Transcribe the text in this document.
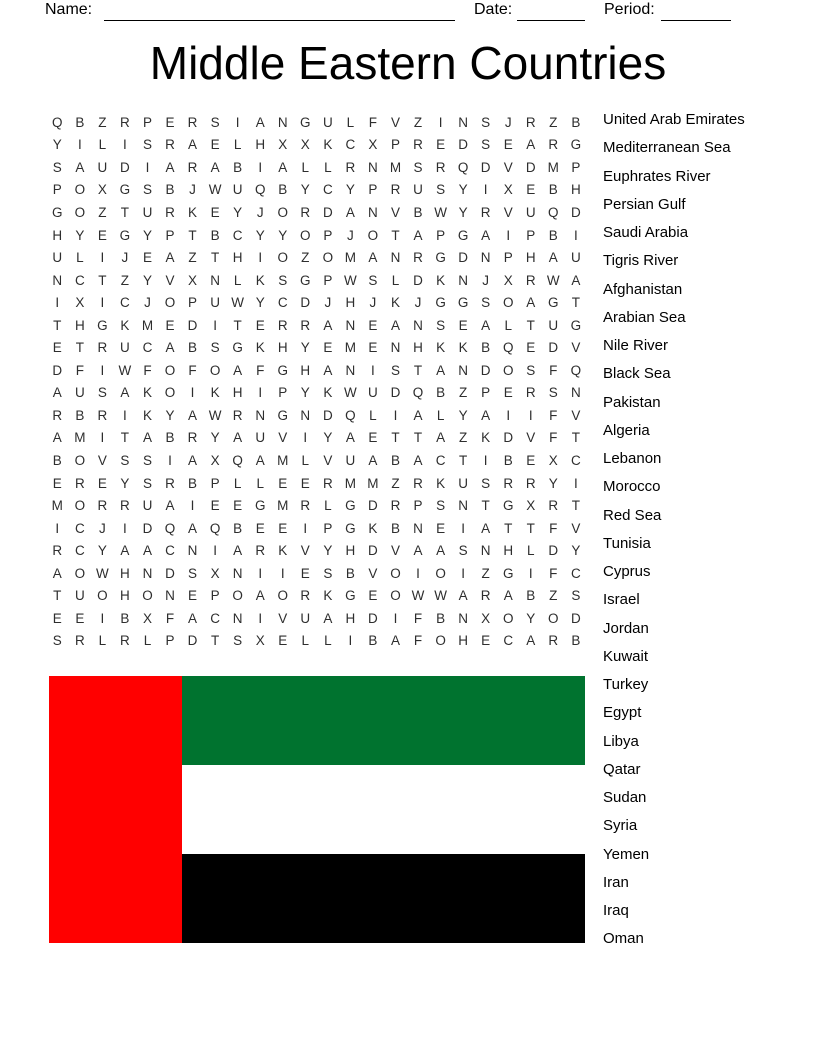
Name:	Date:	Period:
Middle Eastern Countries
Q B	Z	R P	E R S	I	A N G U	L	F	V	Z	I	N S	J	R	Z	B
Y	I	L	I	S R A	E	L	H X	X	K C X	P R E D S	E	A R G
S	A U D	I	A R A	B	I	A	L	L	R N M S R Q D V D M P
P O X G S	B	J W U Q B	Y C Y	P R U S	Y	I	X	E	B H
G O Z	T	U R K	E	Y	J	O R D A N V	B W Y R V U Q D
H Y	E G Y	P	T	B C Y	Y O P	J	O T	A	P G A	I	P	B	I
U	L	I	J	E	A	Z	T	H	I	O Z O M A N R G D N P H A U
N C	T	Z	Y	V	X N	L	K	S G P W S	L	D K N	J	X R W A
I	X	I	C	J	O P U W Y C D	J	H	J	K	J	G G S O A G T
T	H G K M E D	I	T	E R R A N E	A N S	E	A	L	T	U G
E	T	R U C A	B	S G K H Y	E M E N H K	K	B Q E D V
D	F	I	W F O F O A	F G H A N	I	S	T	A N D O S	F Q
A U S	A	K O	I	K H	I	P	Y	K W U D Q B	Z	P	E R S N
R B R	I	K	Y	A W R N G N D Q	L	I	A	L	Y	A	I	I	F	V
A M	I	T	A	B R Y	A U V	I	Y	A	E	T	T	A	Z	K D V	F	T
B O V	S	S	I	A	X Q A M L	V U A	B	A C	T	I	B	E	X C
E R E	Y	S R B	P	L	L	E	E R M M Z	R K U S R R Y	I
M O R R U A	I	E	E G M R	L	G D R P	S N	T G X R	T
I	C	J	I	D Q A Q B	E	E	I	P G K	B N E	I	A	T	T	F	V
R C Y	A	A C N	I	A R K	V	Y H D V	A	A	S N H	L	D Y
A O W H N D S	X N	I	I	E	S	B	V O	I	O	I	Z G	I	F	C
T	U O H O N E	P O A O R K G E O W W A R A	B	Z	S
E	E	I	B	X	F	A C N	I	V U A H D	I	F	B N X O Y O D
S R	L	R	L	P D	T	S	X	E	L	L	I	B	A	F O H E C A R B
United Arab Emirates
Mediterranean Sea
Euphrates River
Persian Gulf
Saudi Arabia
Tigris River
Afghanistan
Arabian Sea
Nile River
Black Sea
Pakistan
Algeria
Lebanon
Morocco
Red Sea
Tunisia
Cyprus
Israel
Jordan
Kuwait
Turkey
Egypt
Libya
Qatar
Sudan
Syria
Yemen
Iran
Iraq
Oman
